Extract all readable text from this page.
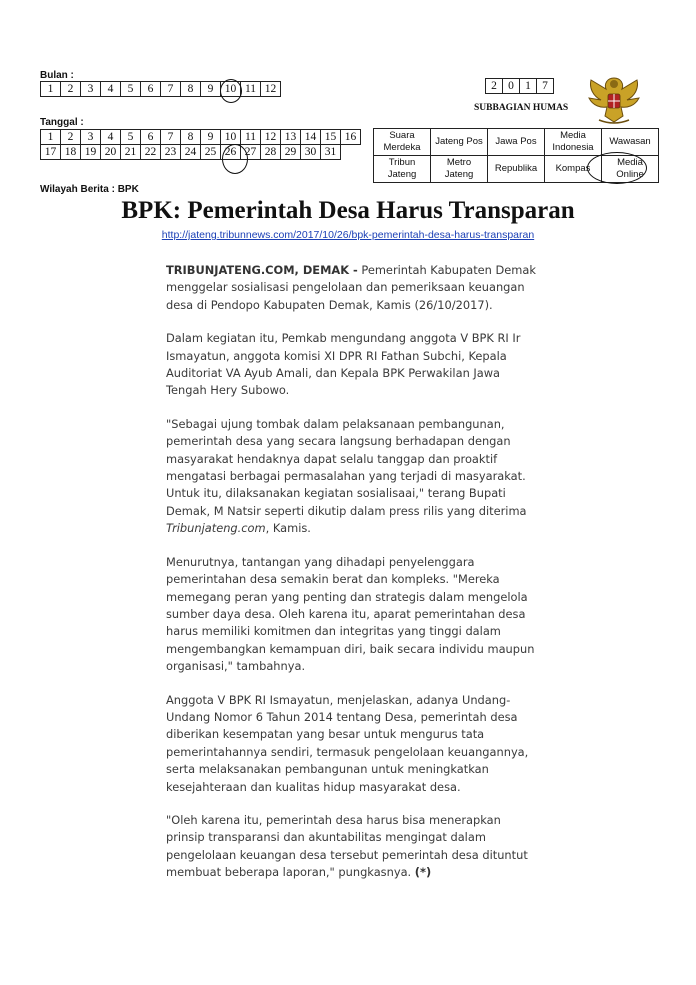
Bulan :
1	2	3	4	5	6	7	8	9	10	11	12
Tanggal :
1	2	3	4	5	6	7	8	9	10	11	12	13	14	15	16
17	18	19	20	21	22	23	24	25	26	27	28	29	30	31	
2	0	1	7
SUBBAGIAN HUMAS
Suara Merdeka	Jateng Pos	Jawa Pos	Media Indonesia	Wawasan
Tribun Jateng	Metro Jateng	Republika	Kompas	Media Online
Wilayah Berita : BPK
BPK: Pemerintah Desa Harus Transparan
http://jateng.tribunnews.com/2017/10/26/bpk-pemerintah-desa-harus-transparan

TRIBUNJATENG.COM, DEMAK - Pemerintah Kabupaten Demak menggelar sosialisasi pengelolaan dan pemeriksaan keuangan desa di Pendopo Kabupaten Demak, Kamis (26/10/2017).

Dalam kegiatan itu, Pemkab mengundang anggota V BPK RI Ir Ismayatun, anggota komisi XI DPR RI Fathan Subchi, Kepala Auditoriat VA Ayub Amali, dan Kepala BPK Perwakilan Jawa Tengah Hery Subowo.

"Sebagai ujung tombak dalam pelaksanaan pembangunan, pemerintah desa yang secara langsung berhadapan dengan masyarakat hendaknya dapat selalu tanggap dan proaktif mengatasi berbagai permasalahan yang terjadi di masyarakat. Untuk itu, dilaksanakan kegiatan sosialisaai," terang Bupati Demak, M Natsir seperti dikutip dalam press rilis yang diterima Tribunjateng.com, Kamis.

Menurutnya, tantangan yang dihadapi penyelenggara pemerintahan desa semakin berat dan kompleks. "Mereka memegang peran yang penting dan strategis dalam mengelola sumber daya desa. Oleh karena itu, aparat pemerintahan desa harus memiliki komitmen dan integritas yang tinggi dalam mengembangkan kemampuan diri, baik secara individu maupun organisasi," tambahnya.

Anggota V BPK RI Ismayatun, menjelaskan, adanya Undang-Undang Nomor 6 Tahun 2014 tentang Desa, pemerintah desa diberikan kesempatan yang besar untuk mengurus tata pemerintahannya sendiri, termasuk pengelolaan keuangannya, serta melaksanakan pembangunan untuk meningkatkan kesejahteraan dan kualitas hidup masyarakat desa.

"Oleh karena itu, pemerintah desa harus bisa menerapkan prinsip transparansi dan akuntabilitas mengingat dalam pengelolaan keuangan desa tersebut pemerintah desa dituntut membuat beberapa laporan," pungkasnya. (*)
